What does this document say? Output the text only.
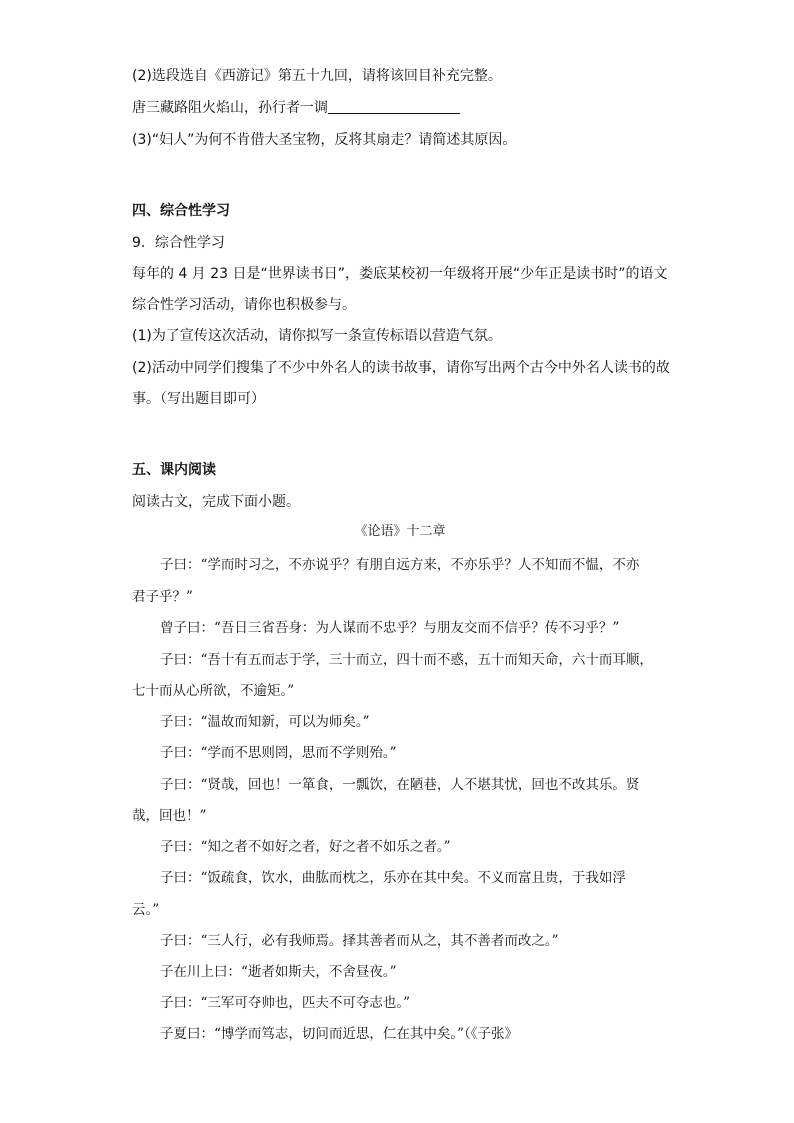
(2)选段选自《西游记》第五十九回，请将该回目补充完整。
唐三藏路阻火焰山，孙行者一调
(3)“妇人”为何不肯借大圣宝物，反将其扇走？请简述其原因。
四、综合性学习
9．综合性学习
每年的 4 月 23 日是“世界读书日”，娄底某校初一年级将开展“少年正是读书时”的语文
综合性学习活动，请你也积极参与。
(1)为了宣传这次活动，请你拟写一条宣传标语以营造气氛。
(2)活动中同学们搜集了不少中外名人的读书故事，请你写出两个古今中外名人读书的故
事。（写出题目即可）
五、课内阅读
阅读古文，完成下面小题。
《论语》十二章
子曰：“学而时习之，不亦说乎？有朋自远方来，不亦乐乎？人不知而不愠，不亦
君子乎？”
曾子曰：“吾日三省吾身：为人谋而不忠乎？与朋友交而不信乎？传不习乎？”
子曰：“吾十有五而志于学，三十而立，四十而不惑，五十而知天命，六十而耳顺，
七十而从心所欲，不逾矩。”
子曰：“温故而知新，可以为师矣。”
子曰：“学而不思则罔，思而不学则殆。”
子曰：“贤哉，回也！一箪食，一瓢饮，在陋巷，人不堪其忧，回也不改其乐。贤
哉，回也！”
子曰：“知之者不如好之者，好之者不如乐之者。”
子曰：“饭疏食，饮水，曲肱而枕之，乐亦在其中矣。不义而富且贵，于我如浮
云。”
子曰：“三人行，必有我师焉。择其善者而从之，其不善者而改之。”
子在川上曰：“逝者如斯夫，不舍昼夜。”
子曰：“三军可夺帅也，匹夫不可夺志也。”
子夏曰：“博学而笃志，切问而近思，仁在其中矣。”（《子张》
